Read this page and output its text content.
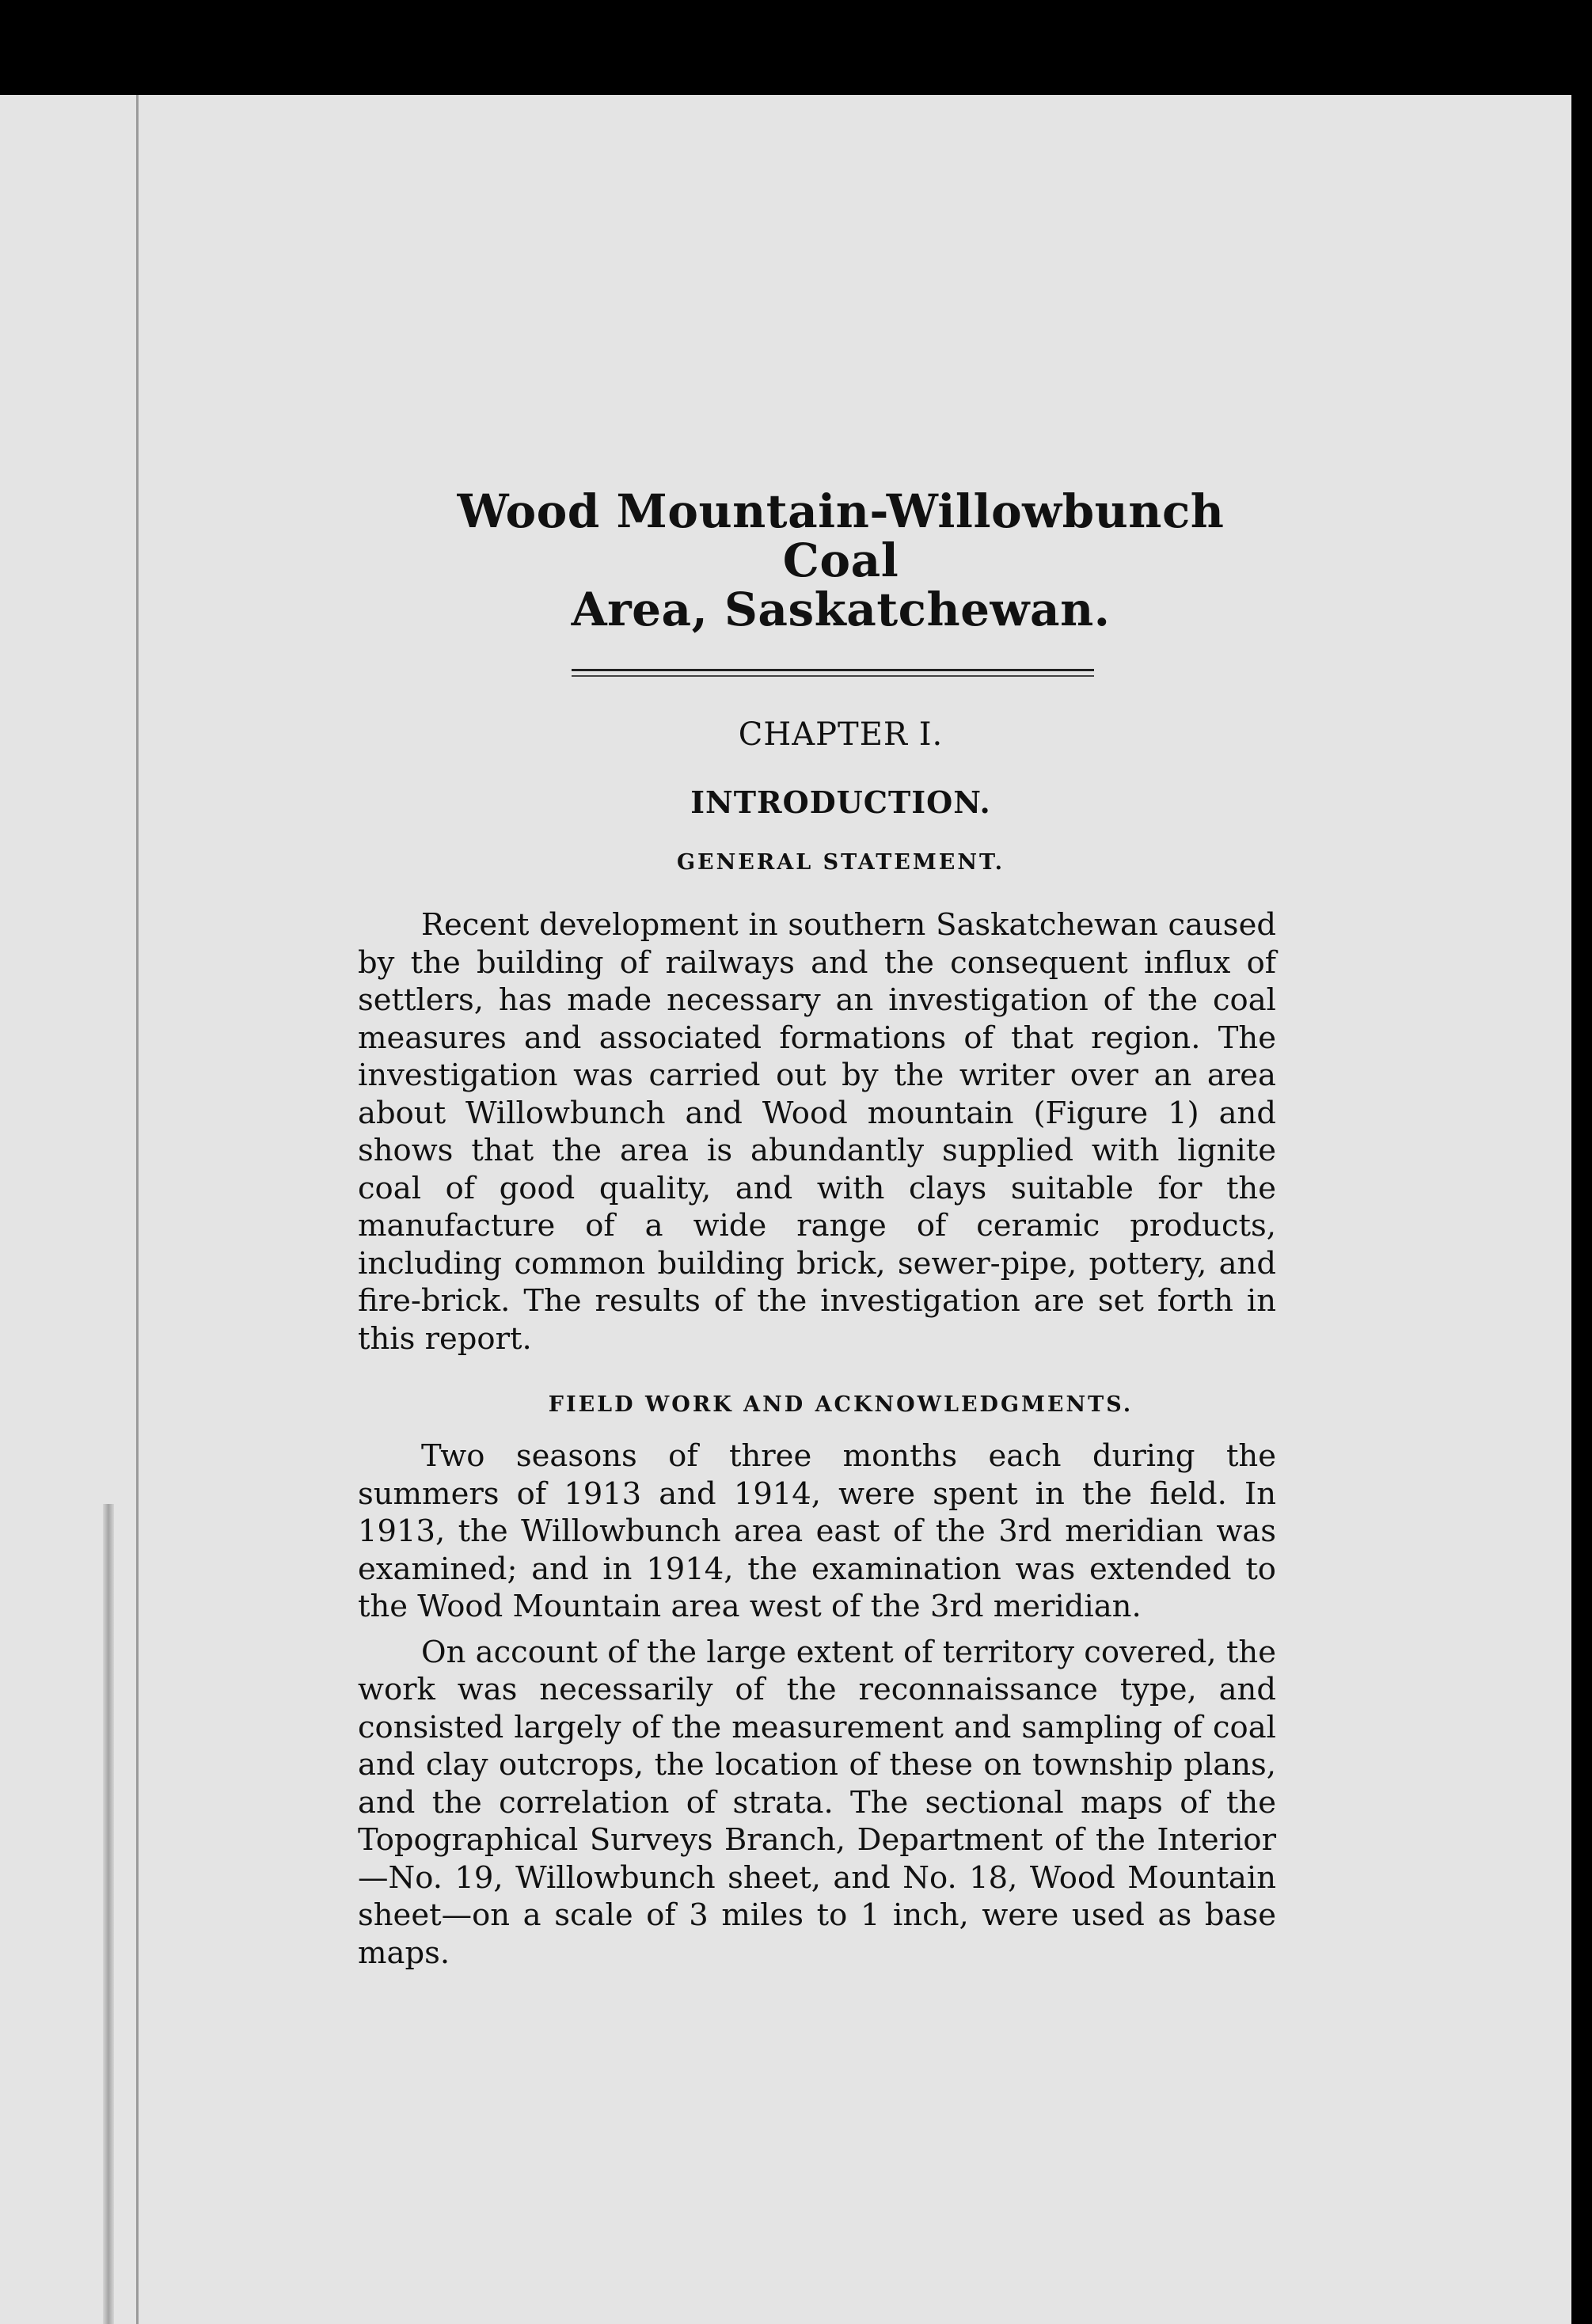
Wood Mountain-Willowbunch Coal
Area, Saskatchewan.
CHAPTER I.
INTRODUCTION.
GENERAL STATEMENT.

Recent development in southern Saskatchewan caused by the building of railways and the consequent influx of settlers, has made necessary an investigation of the coal measures and associated formations of that region. The investigation was carried out by the writer over an area about Willowbunch and Wood mountain (Figure 1) and shows that the area is abundantly supplied with lignite coal of good quality, and with clays suitable for the manufacture of a wide range of ceramic products, including common building brick, sewer-pipe, pottery, and fire-brick. The results of the investigation are set forth in this report.

FIELD WORK AND ACKNOWLEDGMENTS.

Two seasons of three months each during the summers of 1913 and 1914, were spent in the field. In 1913, the Willowbunch area east of the 3rd meridian was examined; and in 1914, the examination was extended to the Wood Mountain area west of the 3rd meridian.

On account of the large extent of territory covered, the work was necessarily of the reconnaissance type, and consisted largely of the measurement and sampling of coal and clay outcrops, the location of these on township plans, and the correlation of strata. The sectional maps of the Topographical Surveys Branch, Department of the Interior—No. 19, Willowbunch sheet, and No. 18, Wood Mountain sheet—on a scale of 3 miles to 1 inch, were used as base maps.
